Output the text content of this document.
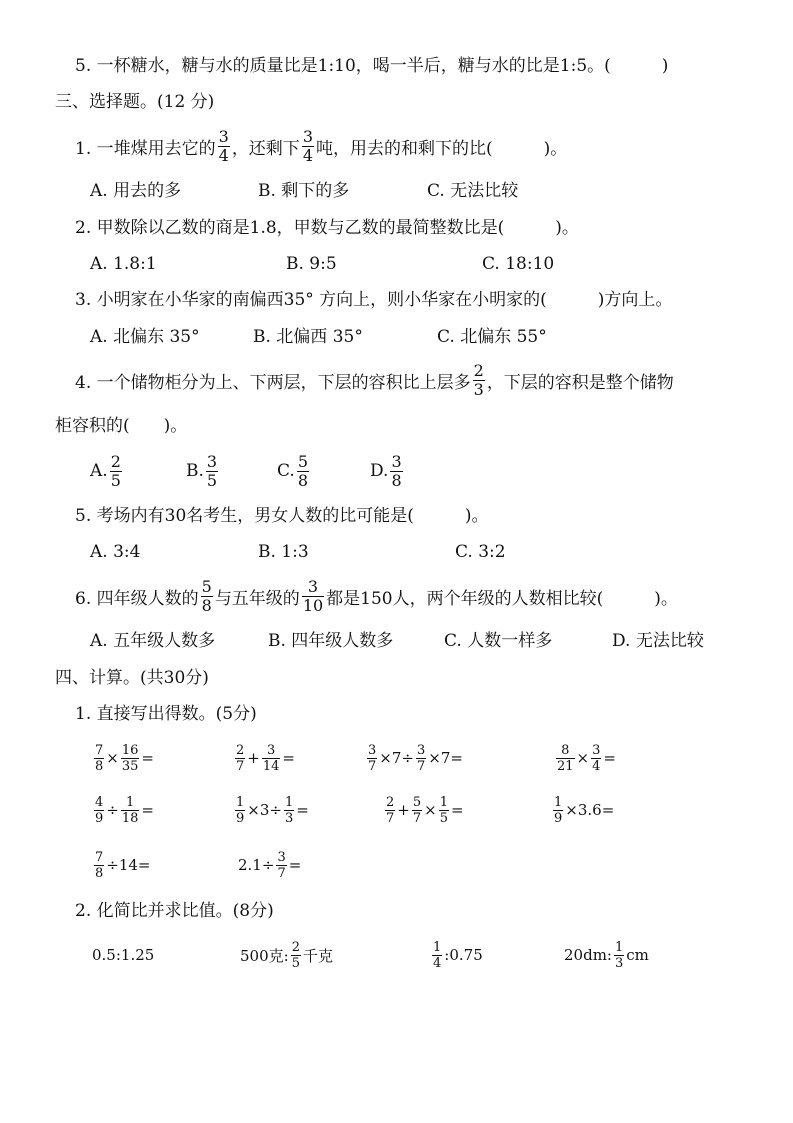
5. 一杯糖水，糖与水的质量比是1:10，喝一半后，糖与水的比是1:5。(　　　)
三、选择题。(12 分)
1. 一堆煤用去它的 $\frac{3}{4}$ ，还剩下 $\frac{3}{4}$ 吨，用去的和剩下的比(　　　)。
A. 用去的多	B. 剩下的多	C. 无法比较
2. 甲数除以乙数的商是1.8，甲数与乙数的最简整数比是(　　　)。
A. 1.8:1	B. 9:5	C. 18:10
3. 小明家在小华家的南偏西35° 方向上，则小华家在小明家的(　　　)方向上。
A. 北偏东 35°	B. 北偏西 35°	C. 北偏东 55°
4. 一个储物柜分为上、下两层，下层的容积比上层多 $\frac{2}{3}$ ，下层的容积是整个储物
柜容积的(　　)。
A. $\frac{2}{5}$	B. $\frac{3}{5}$	C. $\frac{5}{8}$	D. $\frac{3}{8}$
5. 考场内有30名考生，男女人数的比可能是(　　　)。
A. 3:4	B. 1:3	C. 3:2
6. 四年级人数的 $\frac{5}{8}$ 与五年级的 $\frac{3}{10}$ 都是150人，两个年级的人数相比较(　　　)。
A. 五年级人数多	B. 四年级人数多	C. 人数一样多	D. 无法比较
四、计算。(共30分)
1. 直接写出得数。(5分)
$\frac{7}{8} \times \frac{16}{35}$ =	$\frac{2}{7} + \frac{3}{14}$ =	$\frac{3}{7} \times 7\div \frac{3}{7} \times 7=$	$\frac{8}{21} \times \frac{3}{4}$ =
$\frac{4}{9} \div \frac{1}{18}$ =	$\frac{1}{9} \times 3\div \frac{1}{3}$ =	$\frac{2}{7} + \frac{5}{7} \times \frac{1}{5}$ =	$\frac{1}{9} \times 3.6=$
$\frac{7}{8} \div 14=$	$2.1\div \frac{3}{7}$ =
2. 化简比并求比值。(8分)
0.5:1.25	500克: $\frac{2}{5}$ 千克	$\frac{1}{4}$ :0.75	20dm: $\frac{1}{3}$ cm
